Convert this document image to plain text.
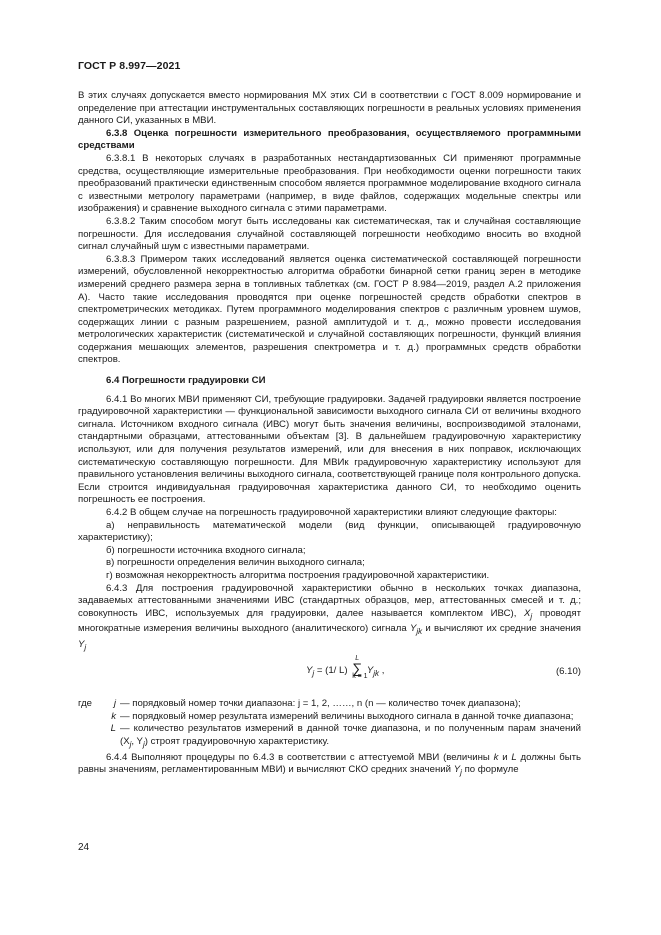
ГОСТ Р 8.997—2021

В этих случаях допускается вместо нормирования МХ этих СИ в соответствии с ГОСТ 8.009 нормирование и определение при аттестации инструментальных составляющих погрешности в реальных условиях применения данного СИ, указанных в МВИ.

6.3.8 Оценка погрешности измерительного преобразования, осуществляемого программными средствами

6.3.8.1 В некоторых случаях в разработанных нестандартизованных СИ применяют программные средства, осуществляющие измерительные преобразования. При необходимости оценки погрешности таких преобразований практически единственным способом является программное моделирование входного сигнала с известными метрологу параметрами (например, в виде файлов, содержащих модельные спектры или изображения) и сравнение выходного сигнала с этими параметрами.

6.3.8.2 Таким способом могут быть исследованы как систематическая, так и случайная составляющие погрешности. Для исследования случайной составляющей погрешности необходимо вносить во входной сигнал случайный шум с известными параметрами.

6.3.8.3 Примером таких исследований является оценка систематической составляющей погрешности измерений, обусловленной некорректностью алгоритма обработки бинарной сетки границ зерен в методике измерений среднего размера зерна в топливных таблетках (см. ГОСТ Р 8.984—2019, раздел А.2 приложения А). Часто такие исследования проводятся при оценке погрешностей средств обработки спектров в спектрометрических методиках. Путем программного моделирования спектров с различным уровнем шумов, содержащих линии с разным разрешением, разной амплитудой и т. д., можно провести исследования метрологических характеристик (систематической и случайной составляющих погрешности, функций влияния содержания мешающих элементов, разрешения спектрометра и т. д.) программных средств обработки спектров.

6.4 Погрешности градуировки СИ

6.4.1 Во многих МВИ применяют СИ, требующие градуировки. Задачей градуировки является построение градуировочной характеристики — функциональной зависимости выходного сигнала СИ от величины входного сигнала. Источником входного сигнала (ИВС) могут быть значения величины, воспроизводимой эталонами, стандартными образцами, аттестованными объектам [3]. В дальнейшем градуировочную характеристику используют, или для получения результатов измерений, или для внесения в них поправок, исключающих систематическую составляющую погрешности. Для МВИк градуировочную характеристику используют для правильного установления величины выходного сигнала, соответствующей границе поля контрольного допуска. Если строится индивидуальная градуировочная характеристика данного СИ, то необходимо оценить погрешность ее построения.

6.4.2 В общем случае на погрешность градуировочной характеристики влияют следующие факторы:

а) неправильность математической модели (вид функции, описывающей градуировочную характеристику);

б) погрешности источника входного сигнала;

в) погрешности определения величин выходного сигнала;

г) возможная некорректность алгоритма построения градуировочной характеристики.

6.4.3 Для построения градуировочной характеристики обычно в нескольких точках диапазона, задаваемых аттестованными значениями ИВС (стандартных образцов, мер, аттестованных смесей и т. д.; совокупность ИВС, используемых для градуировки, далее называется комплектом ИВС), $X_j$ проводят многократные измерения величины выходного (аналитического) сигнала $Y_{jk}$ и вычисляют их средние значения $Y_j$

$Y_j = (1/$ L) ∑
L
k = 1
$Y_{jk}$ ,	(6.10)
где	j — порядковый номер точки диапазона: j = 1, 2, ……, n (n — количество точек диапазона);
k — порядковый номер результата измерений величины выходного сигнала в данной точке диапазона;
L — количество результатов измерений в данной точке диапазона, и по полученным парам значений ($X_j$, $Y_j$) строят градуировочную характеристику.

6.4.4 Выполняют процедуры по 6.4.3 в соответствии с аттестуемой МВИ (величины k и L должны быть равны значениям, регламентированным МВИ) и вычисляют СКО средних значений $Y_j$ по формуле

24
